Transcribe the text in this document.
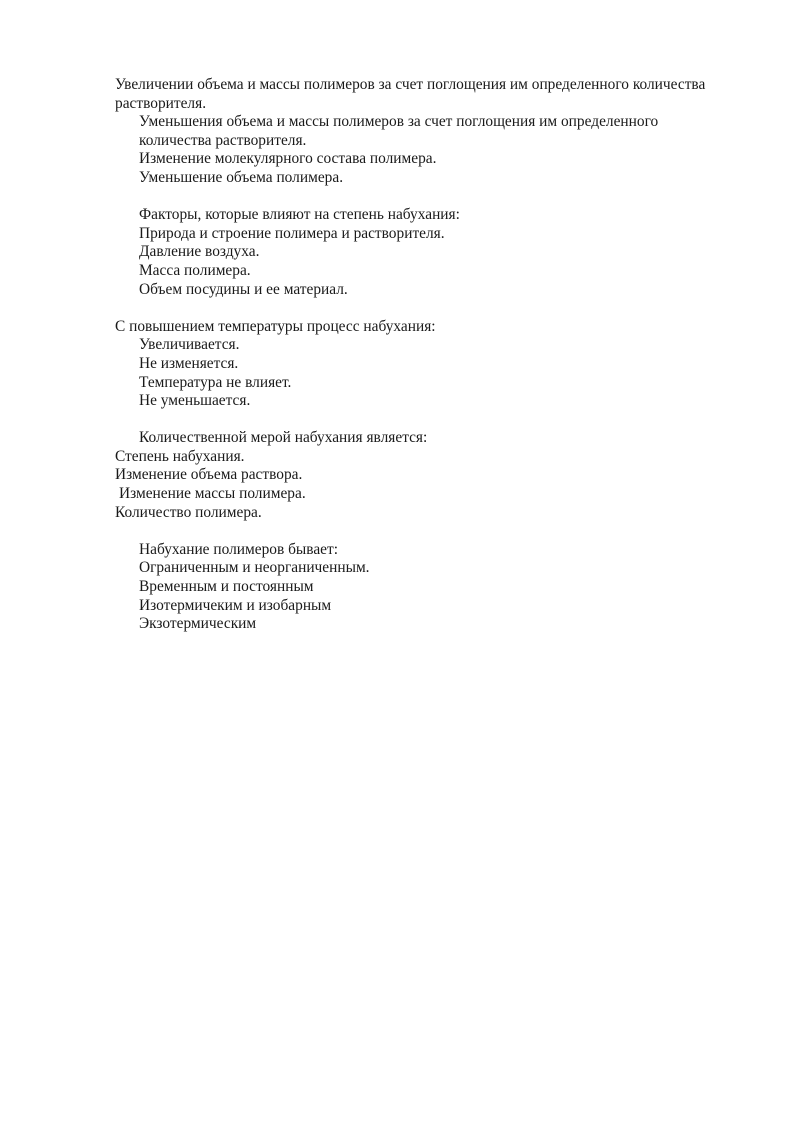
Увеличении объема и массы полимеров за счет поглощения им определенного количества растворителя.

Уменьшения объема и массы полимеров за счет поглощения им определенного количества растворителя.

Изменение молекулярного состава полимера.

Уменьшение объема полимера.

Факторы, которые влияют на степень набухания:

Природа и строение полимера и растворителя.

Давление воздуха.

Масса полимера.

Объем посудины и ее материал.

С повышением температуры процесс набухания:

Увеличивается.

Не изменяется.

Температура не влияет.

Не уменьшается.

Количественной мерой набухания является:

Степень набухания.

Изменение объема раствора.

Изменение массы полимера.

Количество полимера.

Набухание полимеров бывает:

Ограниченным и неорганиченным.

Временным и постоянным

Изотермичеким и изобарным

Экзотермическим
